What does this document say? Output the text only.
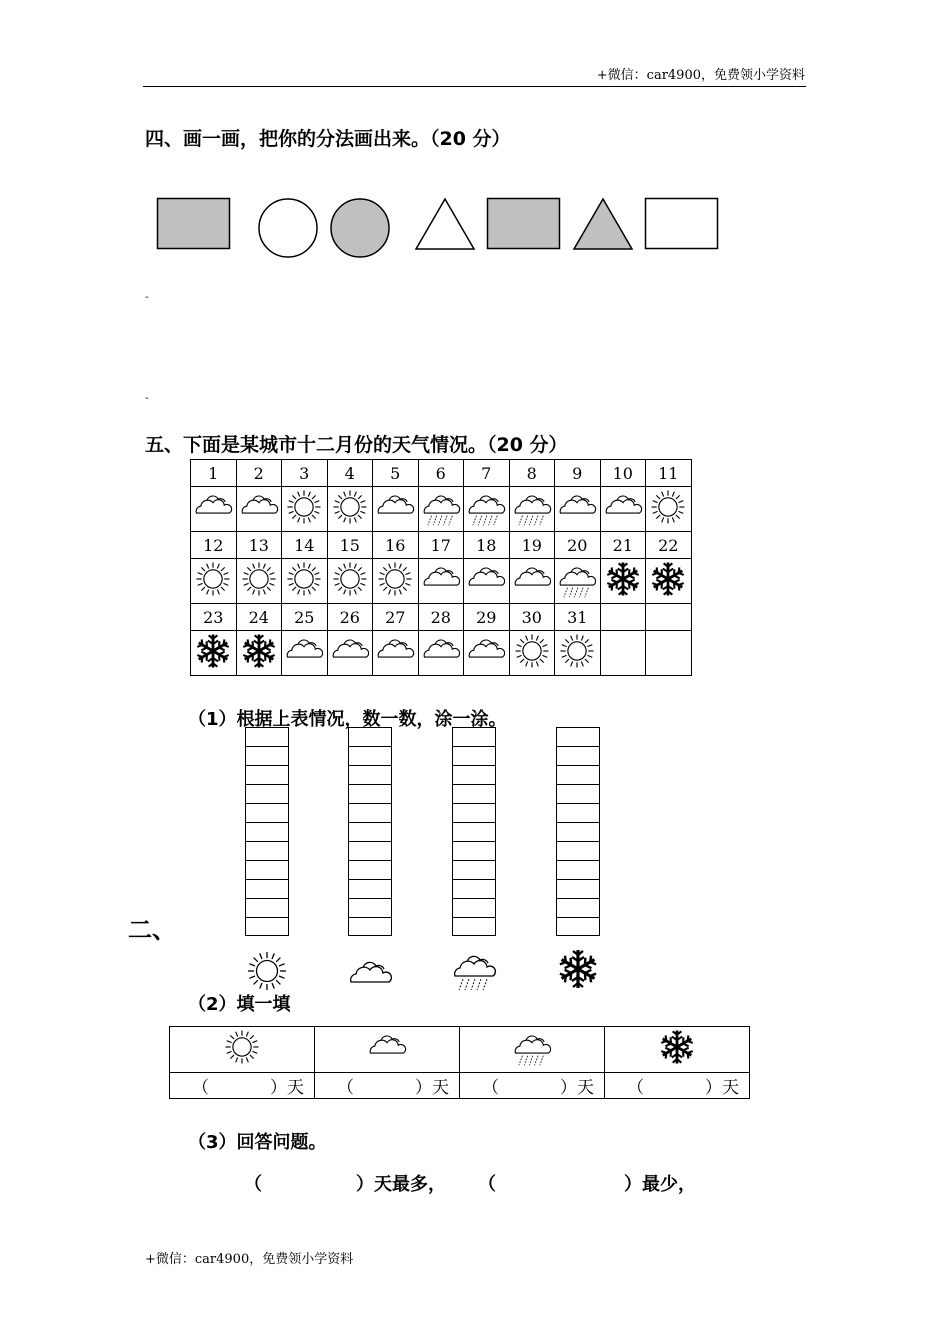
+微信：car4900，免费领小学资料
四、画一画，把你的分法画出来。（20 分）
-
-
五、下面是某城市十二月份的天气情况。（20 分）
1	2	3	4	5	6	7	8	9	10	11

12	13	14	15	16	17	18	19	20	21	22

23	24	25	26	27	28	29	30	31		

（1）根据上表情况，数一数，涂一涂。
二、
（2）填一填

（ ）天	（ ）天	（ ）天	（ ）天
（3）回答问题。
（	）天最多， （	）最少，
+微信：car4900，免费领小学资料
